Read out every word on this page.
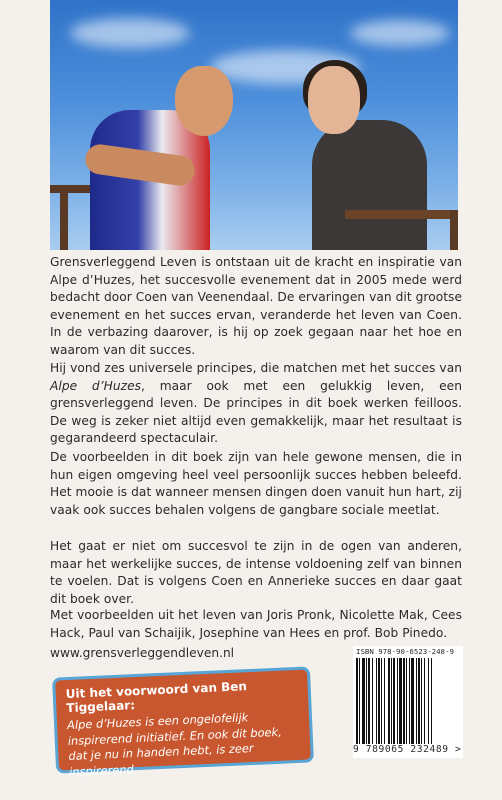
Grensverleggend Leven is ontstaan uit de kracht en inspiratie van Alpe d’Huzes, het succesvolle evenement dat in 2005 mede werd bedacht door Coen van Veenendaal. De ervaringen van dit grootse evenement en het succes ervan, veranderde het leven van Coen. In de verbazing daarover, is hij op zoek gegaan naar het hoe en waarom van dit succes.
Hij vond zes universele principes, die matchen met het succes van Alpe d’Huzes, maar ook met een gelukkig leven, een grensverleggend leven. De principes in dit boek werken feilloos. De weg is zeker niet altijd even gemakkelijk, maar het resultaat is gegarandeerd spectaculair.
De voorbeelden in dit boek zijn van hele gewone mensen, die in hun eigen omgeving heel veel persoonlijk succes hebben beleefd. Het mooie is dat wanneer mensen dingen doen vanuit hun hart, zij vaak ook succes behalen volgens de gangbare sociale meetlat.
Het gaat er niet om succesvol te zijn in de ogen van anderen, maar het werkelijke succes, de intense voldoening zelf van binnen te voelen. Dat is volgens Coen en Annerieke succes en daar gaat dit boek over.
Met voorbeelden uit het leven van Joris Pronk, Nicolette Mak, Cees Hack, Paul van Schaijik, Josephine van Hees en prof. Bob Pinedo.
www.grensverleggendleven.nl
Uit het voorwoord van Ben Tiggelaar:
Alpe d’Huzes is een ongelofelijk inspirerend initiatief. En ook dit boek, dat je nu in handen hebt, is zeer inspirerend.
ISBN 978-90-6523-248-9
9 789065 232489 >
